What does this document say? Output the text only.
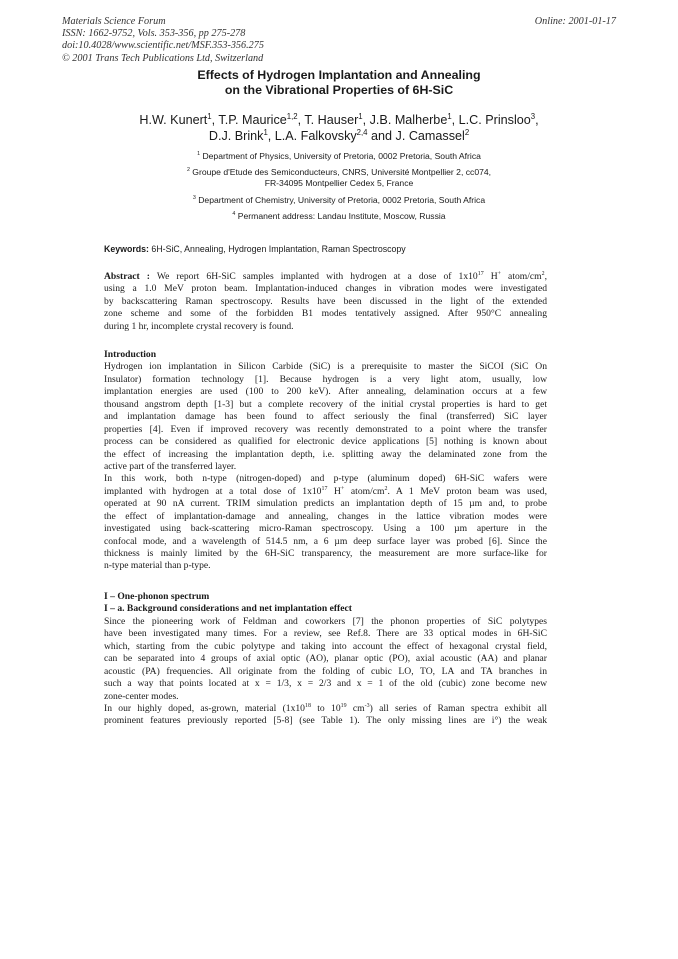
Materials Science Forum
ISSN: 1662-9752, Vols. 353-356, pp 275-278
doi:10.4028/www.scientific.net/MSF.353-356.275
© 2001 Trans Tech Publications Ltd, Switzerland
Online: 2001-01-17
Effects of Hydrogen Implantation and Annealing
on the Vibrational Properties of 6H-SiC
H.W. Kunert$^1$, T.P. Maurice$^{1,2}$, T. Hauser$^1$, J.B. Malherbe$^1$, L.C. Prinsloo$^3$,
D.J. Brink$^1$, L.A. Falkovsky$^{2,4}$ and J. Camassel$^2$
$^1$ Department of Physics, University of Pretoria, 0002 Pretoria, South Africa
$^2$ Groupe d'Etude des Semiconducteurs, CNRS, Université Montpellier 2, cc074,
FR-34095 Montpellier Cedex 5, France
$^3$ Department of Chemistry, University of Pretoria, 0002 Pretoria, South Africa
$^4$ Permanent address: Landau Institute, Moscow, Russia
Keywords: 6H-SiC, Annealing, Hydrogen Implantation, Raman Spectroscopy
Abstract : We report 6H-SiC samples implanted with hydrogen at a dose of $1x10^{17}$ H+ atom/$cm^2$,
using a 1.0 MeV proton beam. Implantation-induced changes in vibration modes were investigated
by backscattering Raman spectroscopy. Results have been discussed in the light of the extended
zone scheme and some of the forbidden B1 modes tentatively assigned. After 950°C annealing
during 1 hr, incomplete crystal recovery is found.
Introduction
Hydrogen ion implantation in Silicon Carbide (SiC) is a prerequisite to master the SiCOI (SiC On
Insulator) formation technology [1]. Because hydrogen is a very light atom, usually, low
implantation energies are used (100 to 200 keV). After annealing, delamination occurs at a few
thousand angstrom depth [1-3] but a complete recovery of the initial crystal properties is hard to get
and implantation damage has been found to affect seriously the final (transferred) SiC layer
properties [4]. Even if improved recovery was recently demonstrated to a point where the transfer
process can be considered as qualified for electronic device applications [5] nothing is known about
the effect of increasing the implantation depth, i.e. splitting away the delaminated zone from the
active part of the transferred layer.
In this work, both n-type (nitrogen-doped) and p-type (aluminum doped) 6H-SiC wafers were
implanted with hydrogen at a total dose of $1x10^{17}$ H+ atom/$cm^2$. A 1 MeV proton beam was used,
operated at 90 nA current. TRIM simulation predicts an implantation depth of 15 µm and, to probe
the effect of implantation-damage and annealing, changes in the lattice vibration modes were
investigated using back-scattering micro-Raman spectroscopy. Using a 100 µm aperture in the
confocal mode, and a wavelength of 514.5 nm, a 6 µm deep surface layer was probed [6]. Since the
thickness is mainly limited by the 6H-SiC transparency, the measurement are more surface-like for
n-type material than p-type.
I – One-phonon spectrum
I – a. Background considerations and net implantation effect
Since the pioneering work of Feldman and coworkers [7] the phonon properties of SiC polytypes
have been investigated many times. For a review, see Ref.8. There are 33 optical modes in 6H-SiC
which, starting from the cubic polytype and taking into account the effect of hexagonal crystal field,
can be separated into 4 groups of axial optic (AO), planar optic (PO), axial acoustic (AA) and planar
acoustic (PA) frequencies. All originate from the folding of cubic LO, TO, LA and TA branches in
such a way that points located at x = 1/3, x = 2/3 and x = 1 of the old (cubic) zone become new
zone-center modes.
In our highly doped, as-grown, material ($1x10^{18}$ to $10^{19}$ $cm^{-3}$) all series of Raman spectra exhibit all
prominent features previously reported [5-8] (see Table 1). The only missing lines are i°) the weak
